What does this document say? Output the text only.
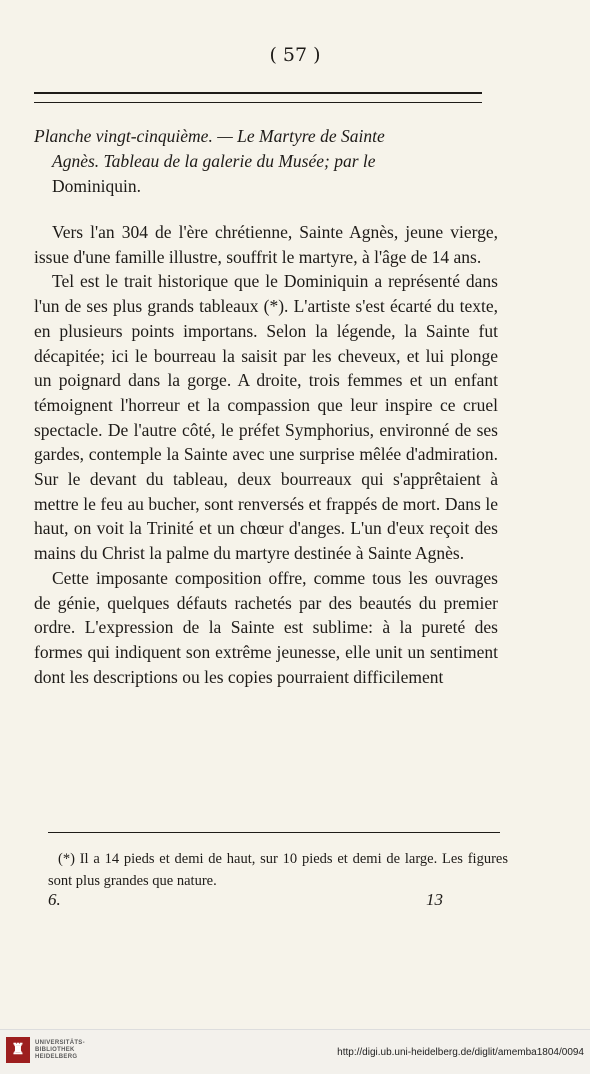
( 57 )
Planche vingt-cinquième. — Le Martyre de Sainte
Agnès. Tableau de la galerie du Musée; par le
Dominiquin.

Vers l'an 304 de l'ère chrétienne, Sainte Agnès, jeune vierge, issue d'une famille illustre, souffrit le martyre, à l'âge de 14 ans.

Tel est le trait historique que le Dominiquin a représenté dans l'un de ses plus grands tableaux (*). L'artiste s'est écarté du texte, en plusieurs points importans. Selon la légende, la Sainte fut décapitée; ici le bourreau la saisit par les cheveux, et lui plonge un poignard dans la gorge. A droite, trois femmes et un enfant témoignent l'horreur et la compassion que leur inspire ce cruel spectacle. De l'autre côté, le préfet Symphorius, environné de ses gardes, contemple la Sainte avec une surprise mêlée d'admiration. Sur le devant du tableau, deux bourreaux qui s'apprêtaient à mettre le feu au bucher, sont renversés et frappés de mort. Dans le haut, on voit la Trinité et un chœur d'anges. L'un d'eux reçoit des mains du Christ la palme du martyre destinée à Sainte Agnès.

Cette imposante composition offre, comme tous les ouvrages de génie, quelques défauts rachetés par des beautés du premier ordre. L'expression de la Sainte est sublime: à la pureté des formes qui indiquent son extrême jeunesse, elle unit un sentiment dont les descriptions ou les copies pourraient difficilement

(*) Il a 14 pieds et demi de haut, sur 10 pieds et demi de large. Les figures sont plus grandes que nature.

6.	13
♜	UNIVERSITÄTS-
BIBLIOTHEK
HEIDELBERG	http://digi.ub.uni-heidelberg.de/diglit/amemba1804/0094
